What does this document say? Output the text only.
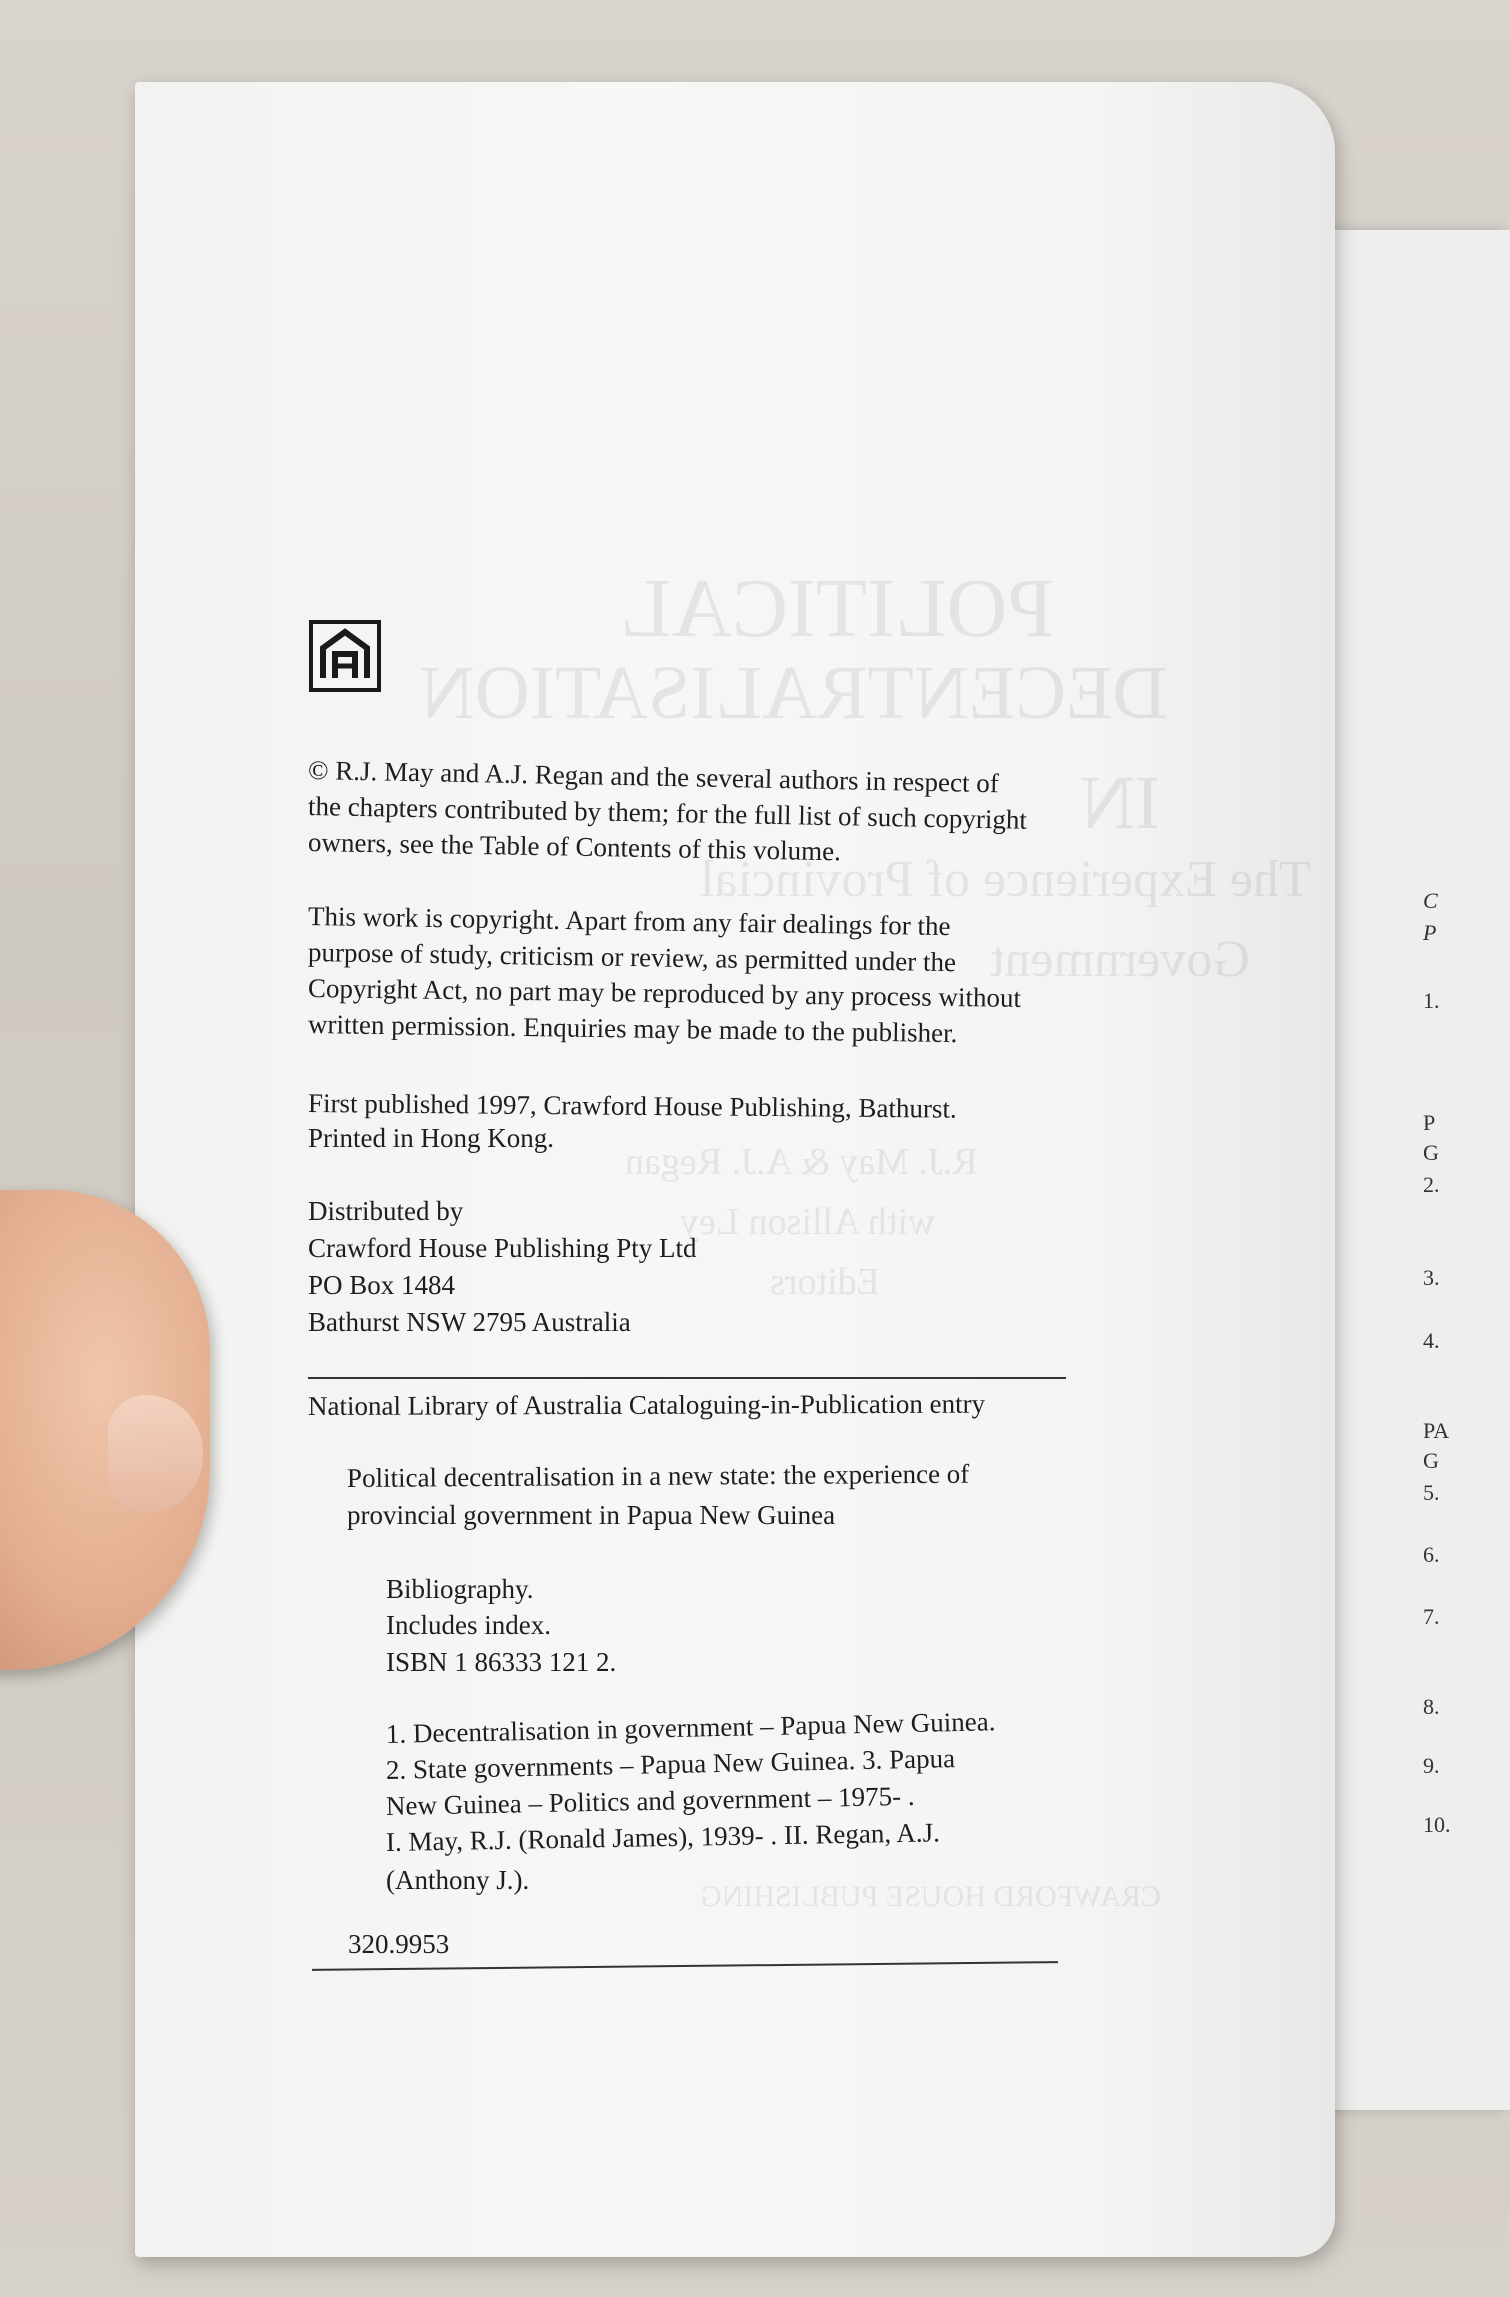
C
P
1.
P
G
2.
3.
4.
PA
G
5.
6.
7.
8.
9.
10.
POLITICAL
DECENTRALISATION
IN
The Experience of Provincial
Government
R.J. May & A.J. Regan
with Allison Ley
Editors
CRAWFORD HOUSE PUBLISHING
© R.J. May and A.J. Regan and the several authors in respect of
the chapters contributed by them; for the full list of such copyright
owners, see the Table of Contents of this volume.
This work is copyright. Apart from any fair dealings for the
purpose of study, criticism or review, as permitted under the
Copyright Act, no part may be reproduced by any process without
written permission. Enquiries may be made to the publisher.
First published 1997, Crawford House Publishing, Bathurst.
Printed in Hong Kong.
Distributed by
Crawford House Publishing Pty Ltd
PO Box 1484
Bathurst NSW 2795 Australia
National Library of Australia Cataloguing-in-Publication entry
Political decentralisation in a new state: the experience of
provincial government in Papua New Guinea
Bibliography.
Includes index.
ISBN 1 86333 121 2.
1. Decentralisation in government – Papua New Guinea.
2. State governments – Papua New Guinea. 3. Papua
New Guinea – Politics and government – 1975- .
I. May, R.J. (Ronald James), 1939- . II. Regan, A.J.
(Anthony J.).
320.9953
